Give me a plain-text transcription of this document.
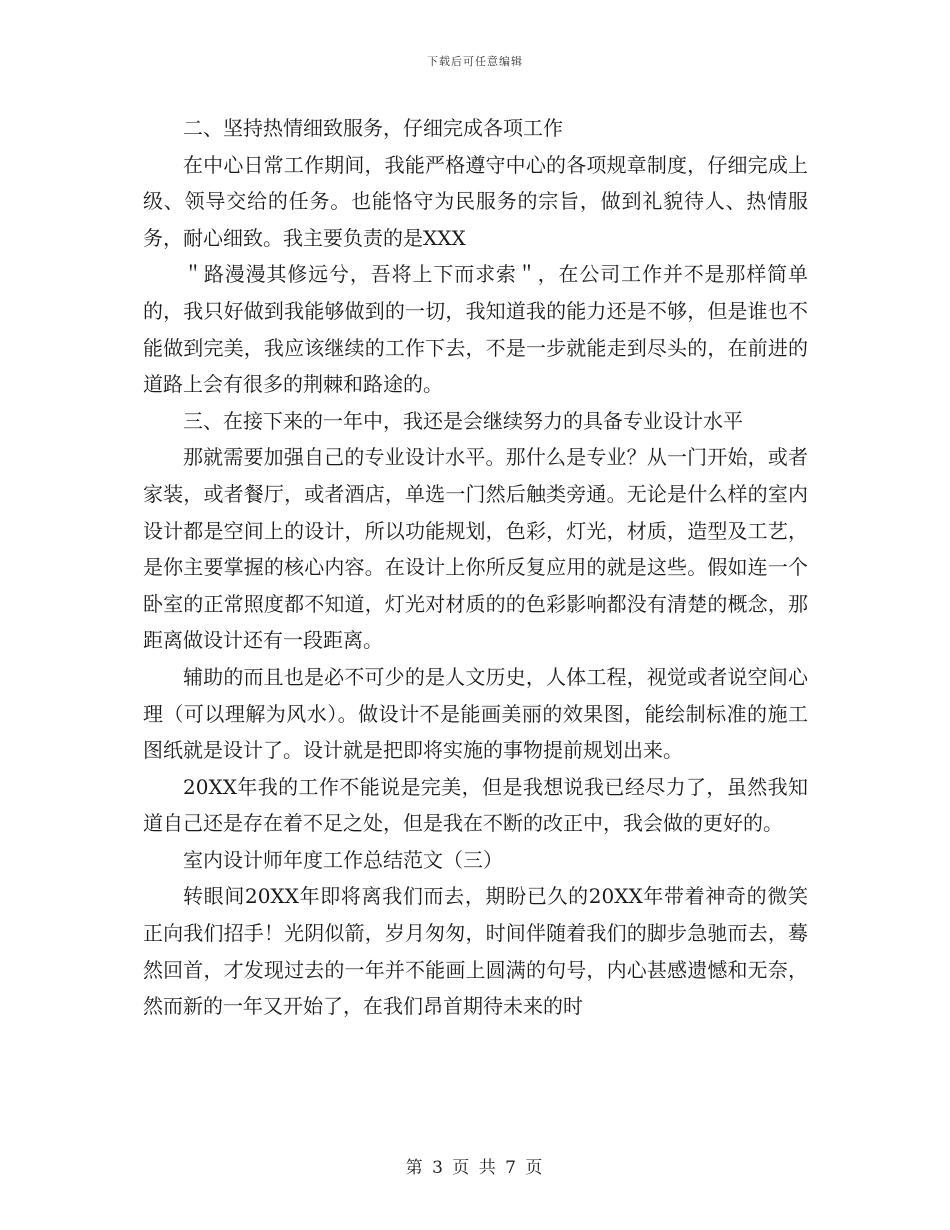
下载后可任意编辑

二、坚持热情细致服务，仔细完成各项工作

在中心日常工作期间，我能严格遵守中心的各项规章制度，仔细完成上级、领导交给的任务。也能恪守为民服务的宗旨，做到礼貌待人、热情服务，耐心细致。我主要负责的是XXX

＂路漫漫其修远兮，吾将上下而求索＂，在公司工作并不是那样简单的，我只好做到我能够做到的一切，我知道我的能力还是不够，但是谁也不能做到完美，我应该继续的工作下去，不是一步就能走到尽头的，在前进的道路上会有很多的荆棘和路途的。

三、在接下来的一年中，我还是会继续努力的具备专业设计水平

那就需要加强自己的专业设计水平。那什么是专业？从一门开始，或者家装，或者餐厅，或者酒店，单选一门然后触类旁通。无论是什么样的室内设计都是空间上的设计，所以功能规划，色彩，灯光，材质，造型及工艺，是你主要掌握的核心内容。在设计上你所反复应用的就是这些。假如连一个卧室的正常照度都不知道，灯光对材质的的色彩影响都没有清楚的概念，那距离做设计还有一段距离。

辅助的而且也是必不可少的是人文历史，人体工程，视觉或者说空间心理（可以理解为风水）。做设计不是能画美丽的效果图，能绘制标准的施工图纸就是设计了。设计就是把即将实施的事物提前规划出来。

20XX年我的工作不能说是完美，但是我想说我已经尽力了，虽然我知道自己还是存在着不足之处，但是我在不断的改正中，我会做的更好的。

室内设计师年度工作总结范文（三）

转眼间20XX年即将离我们而去，期盼已久的20XX年带着神奇的微笑正向我们招手！光阴似箭，岁月匆匆，时间伴随着我们的脚步急驰而去，蓦然回首，才发现过去的一年并不能画上圆满的句号，内心甚感遗憾和无奈，然而新的一年又开始了，在我们昂首期待未来的时

第 3 页 共 7 页
